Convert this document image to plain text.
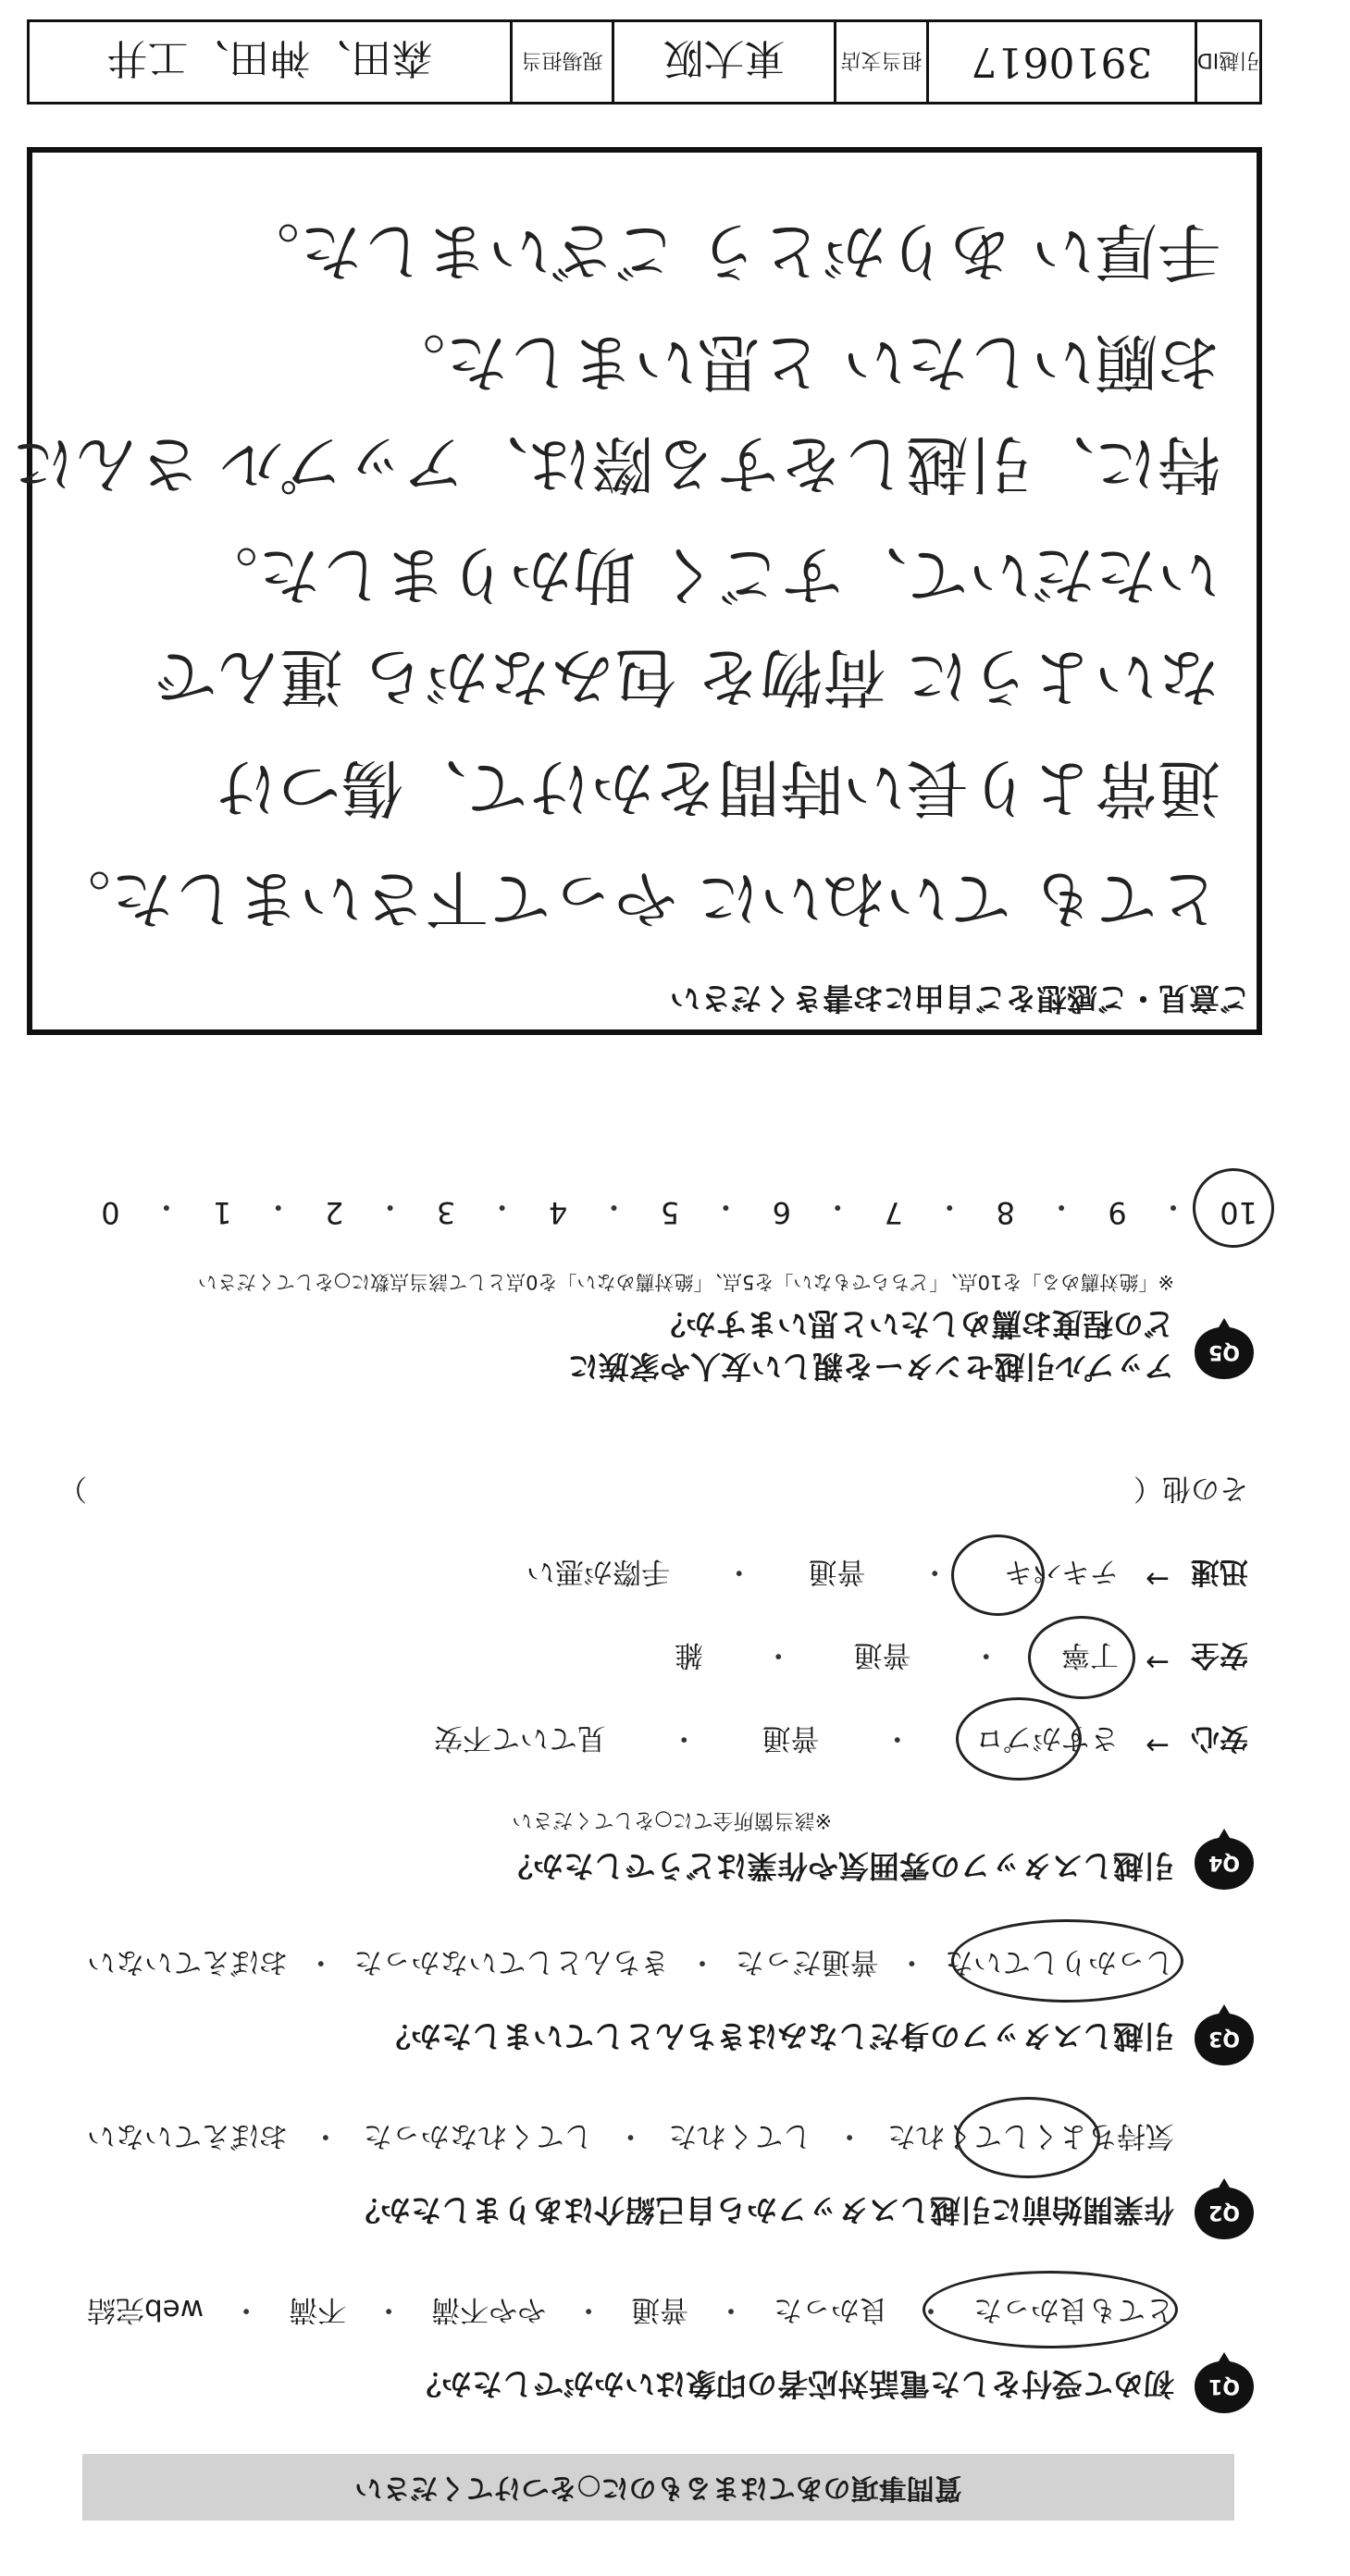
質問事項のあてはまるものに○をつけてください
Q1
初めて受付をした電話対応者の印象はいかがでしたか？
とても良かった
・
良かった
・
普通
・
やや不満
・
不満
・
web完結
Q2
作業開始前に引越しスタッフから自己紹介はありましたか？
気持ちよくしてくれた
・
してくれた
・
してくれなかった
・
おぼえていない
Q3
引越しスタッフの身だしなみはきちんとしていましたか？
しっかりしていた
・
普通だった
・
きちんとしていなかった
・
おぼえていない
Q4
引越しスタッフの雰囲気や作業はどうでしたか？
※該当箇所全てに○をしてください
安心
→
さすがプロ
・
普通
・
見ていて不安
安全
→
丁寧
・
普通
・
雑
迅速
→
テキパキ
・
普通
・
手際が悪い
その他（
）
Q5
アップル引越センターを親しい友人や家族に
どの程度お薦めしたいと思いますか？
※「絶対薦める」を10点、「どちらでもない」を5点、「絶対薦めない」を0点として該当点数に○をしてください
10
・
9
・
8
・
7
・
6
・
5
・
4
・
3
・
2
・
1
・
0
ご意見・ご感想をご自由にお書きください
とても ていねいに やって下さいました。
通常より長い時間をかけて、傷つけ
ないように 荷物を 包みながら 運んで
いただいて、すごく 助かりました。
特に、引越しをする際は、アップル さんに
お願いしたい と思いました。
手厚い ありがとう ございました。
引越ID
3910617
担当支店
東大阪
現場担当
森田、神田、工井
